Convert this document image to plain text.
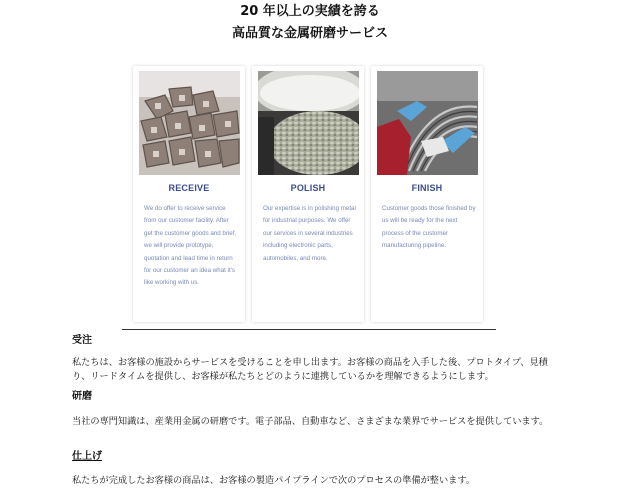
20 年以上の実績を誇る
高品質な金属研磨サービス
RECEIVE
We do offer to receive service from our customer facility. After get the customer goods and brief, we will provide prototype, quotation and lead time in return for our customer an idea what it's like working with us.
POLISH
Our expertise is in polishing metal for industrial purposes. We offer our services in several industries including electronic parts, automobiles, and more.
FINISH
Customer goods those finished by us will be ready for the next process of the customer manufacturing pipeline.
受注
私たちは、お客様の施設からサービスを受けることを申し出ます。お客様の商品を入手した後、プロトタイプ、見積り、リードタイムを提供し、お客様が私たちとどのように連携しているかを理解できるようにします。
研磨
当社の専門知識は、産業用金属の研磨です。電子部品、自動車など、さまざまな業界でサービスを提供しています。
仕上げ
私たちが完成したお客様の商品は、お客様の製造パイプラインで次のプロセスの準備が整います。
